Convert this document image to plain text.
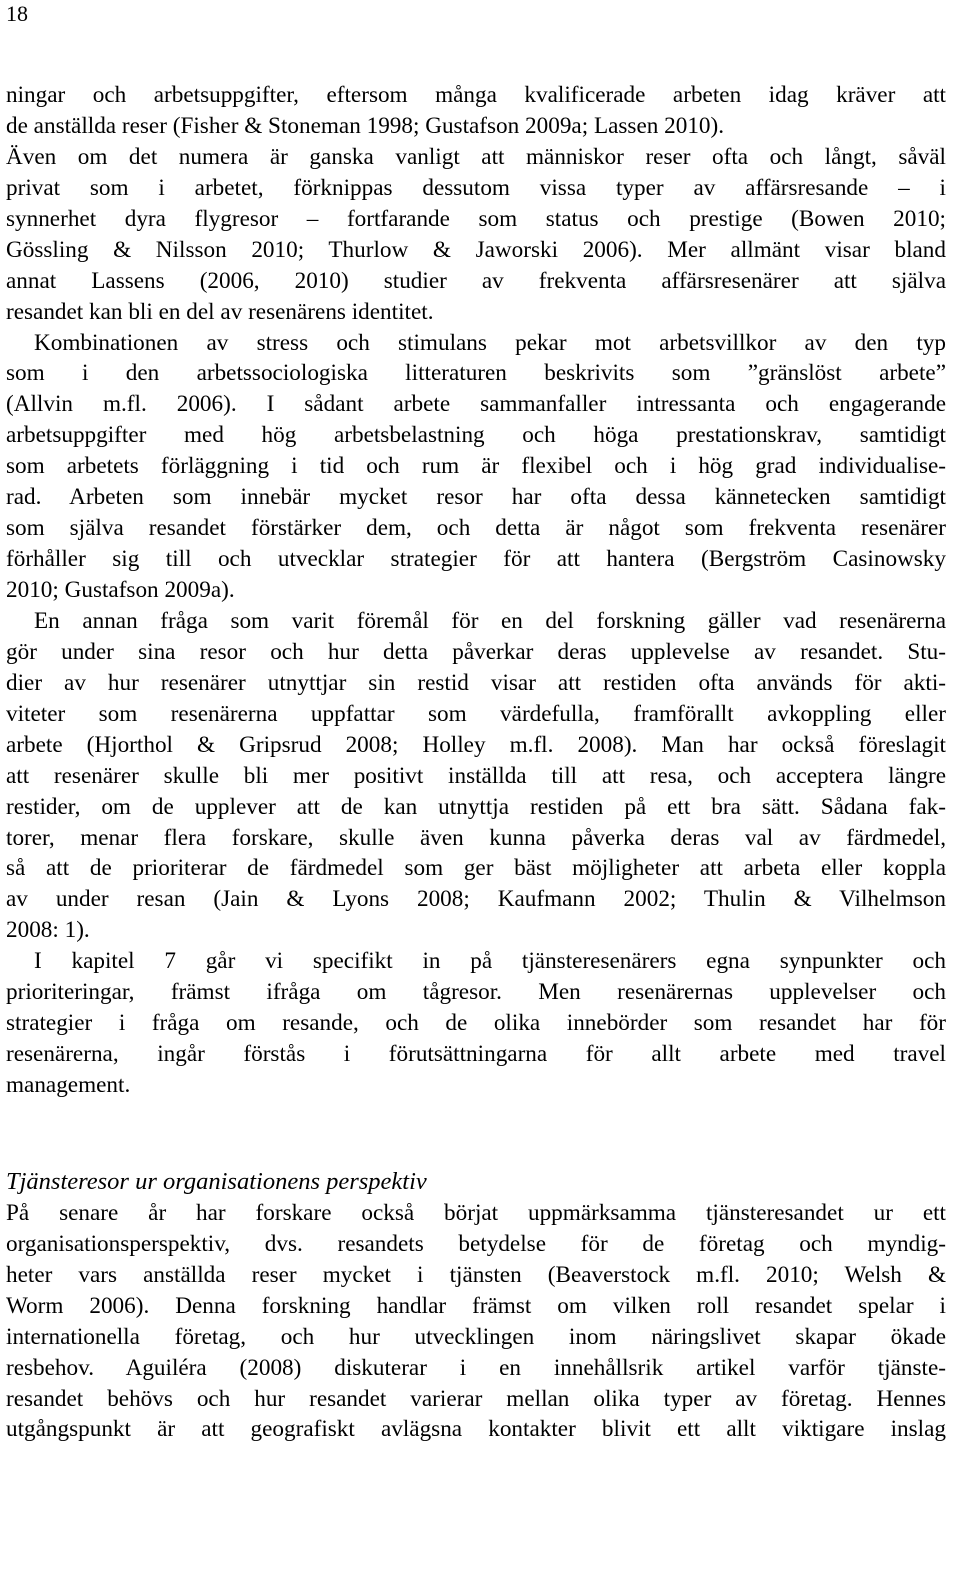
18
ningar och arbetsuppgifter, eftersom många kvalificerade arbeten idag kräver att
de anställda reser (Fisher & Stoneman 1998; Gustafson 2009a; Lassen 2010).
Även om det numera är ganska vanligt att människor reser ofta och långt, såväl
privat som i arbetet, förknippas dessutom vissa typer av affärsresande – i
synnerhet dyra flygresor – fortfarande som status och prestige (Bowen 2010;
Gössling & Nilsson 2010; Thurlow & Jaworski 2006). Mer allmänt visar bland
annat Lassens (2006, 2010) studier av frekventa affärsresenärer att själva
resandet kan bli en del av resenärens identitet.
Kombinationen av stress och stimulans pekar mot arbetsvillkor av den typ
som i den arbetssociologiska litteraturen beskrivits som ”gränslöst arbete”
(Allvin m.fl. 2006). I sådant arbete sammanfaller intressanta och engagerande
arbetsuppgifter med hög arbetsbelastning och höga prestationskrav, samtidigt
som arbetets förläggning i tid och rum är flexibel och i hög grad individualise-
rad. Arbeten som innebär mycket resor har ofta dessa kännetecken samtidigt
som själva resandet förstärker dem, och detta är något som frekventa resenärer
förhåller sig till och utvecklar strategier för att hantera (Bergström Casinowsky
2010; Gustafson 2009a).
En annan fråga som varit föremål för en del forskning gäller vad resenärerna
gör under sina resor och hur detta påverkar deras upplevelse av resandet. Stu-
dier av hur resenärer utnyttjar sin restid visar att restiden ofta används för akti-
viteter som resenärerna uppfattar som värdefulla, framförallt avkoppling eller
arbete (Hjorthol & Gripsrud 2008; Holley m.fl. 2008). Man har också föreslagit
att resenärer skulle bli mer positivt inställda till att resa, och acceptera längre
restider, om de upplever att de kan utnyttja restiden på ett bra sätt. Sådana fak-
torer, menar flera forskare, skulle även kunna påverka deras val av färdmedel,
så att de prioriterar de färdmedel som ger bäst möjligheter att arbeta eller koppla
av under resan (Jain & Lyons 2008; Kaufmann 2002; Thulin & Vilhelmson
2008: 1).
I kapitel 7 går vi specifikt in på tjänsteresenärers egna synpunkter och
prioriteringar, främst ifråga om tågresor. Men resenärernas upplevelser och
strategier i fråga om resande, och de olika innebörder som resandet har för
resenärerna, ingår förstås i förutsättningarna för allt arbete med travel
management.
Tjänsteresor ur organisationens perspektiv
På senare år har forskare också börjat uppmärksamma tjänsteresandet ur ett
organisationsperspektiv, dvs. resandets betydelse för de företag och myndig-
heter vars anställda reser mycket i tjänsten (Beaverstock m.fl. 2010; Welsh &
Worm 2006). Denna forskning handlar främst om vilken roll resandet spelar i
internationella företag, och hur utvecklingen inom näringslivet skapar ökade
resbehov. Aguiléra (2008) diskuterar i en innehållsrik artikel varför tjänste-
resandet behövs och hur resandet varierar mellan olika typer av företag. Hennes
utgångspunkt är att geografiskt avlägsna kontakter blivit ett allt viktigare inslag
